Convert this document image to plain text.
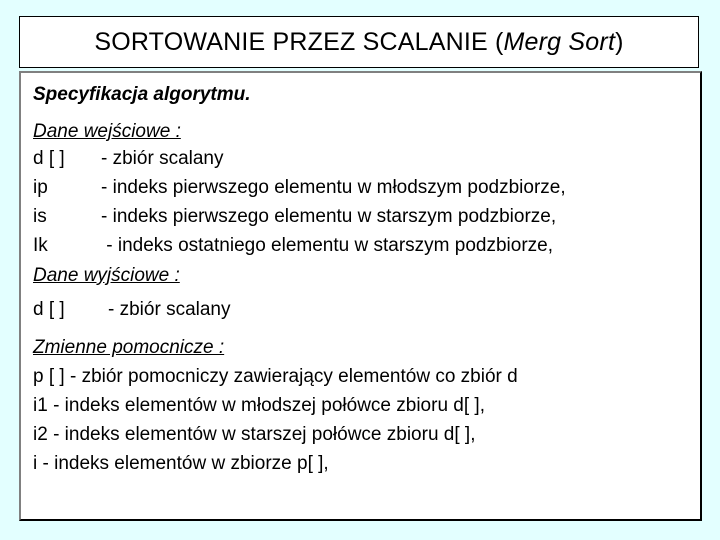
SORTOWANIE PRZEZ SCALANIE ( Merg Sort )
Specyfikacja algorytmu.
Dane wejściowe :
d [ ] - zbiór scalany
ip	- indeks pierwszego elementu w młodszym podzbiorze,
is	- indeks pierwszego elementu w starszym podzbiorze,
Ik	- indeks ostatniego elementu w starszym podzbiorze,
Dane wyjściowe :
d [ ] - zbiór scalany
Zmienne pomocnicze :
p [ ] - zbiór pomocniczy zawierający elementów co zbiór d
i1 - indeks elementów w młodszej połówce zbioru d[ ],
i2 - indeks elementów w starszej połówce zbioru d[ ],
i - indeks elementów w zbiorze p[ ],
